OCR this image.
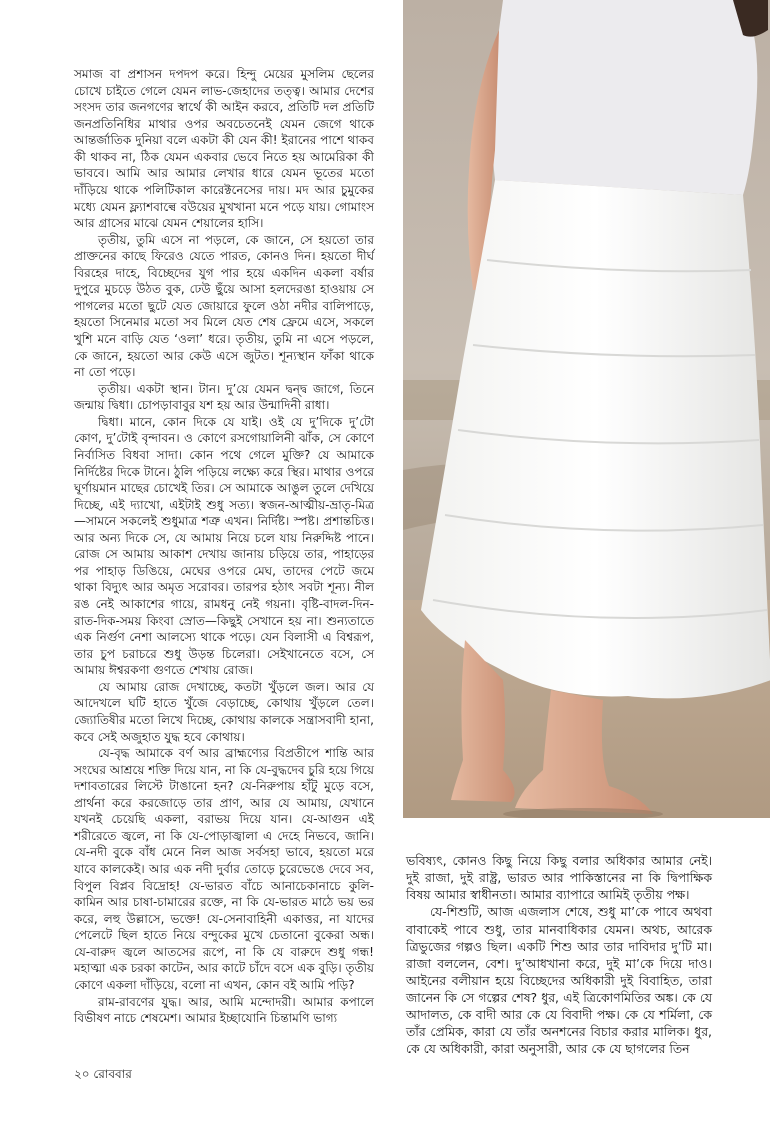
সমাজ বা প্রশাসন দপদপ করে। হিন্দু মেয়ের মুসলিম ছেলের চোখে চাইতে গেলে যেমন লাভ-জেহাদের তত্ত্ব। আমার দেশের সংসদ তার জনগণের স্বার্থে কী আইন করবে, প্রতিটি দল প্রতিটি জনপ্রতিনিধির মাথার ওপর অবচেতনেই যেমন জেগে থাকে আন্তর্জাতিক দুনিয়া বলে একটা কী যেন কী! ইরানের পাশে থাকব কী থাকব না, ঠিক যেমন একবার ভেবে নিতে হয় আমেরিকা কী ভাববে। আমি আর আমার লেখার ধারে যেমন ভূতের মতো দাঁড়িয়ে থাকে পলিটিকাল কারেক্টনেসের দায়। মদ আর চুমুকের মধ্যে যেমন ফ্ল্যাশবাল্বে বউয়ের মুখখানা মনে পড়ে যায়। গোমাংস আর গ্রাসের মাঝে যেমন শেয়ালের হাসি।

তৃতীয়, তুমি এসে না পড়লে, কে জানে, সে হয়তো তার প্রাক্তনের কাছে ফিরেও যেতে পারত, কোনও দিন। হয়তো দীর্ঘ বিরহের দাহে, বিচ্ছেদের যুগ পার হয়ে একদিন একলা বর্ষার দুপুরে মুচড়ে উঠত বুক, ঢেউ ছুঁয়ে আসা হলদেরঙা হাওয়ায় সে পাগলের মতো ছুটে যেত জোয়ারে ফুলে ওঠা নদীর বালিপাড়ে, হয়তো সিনেমার মতো সব মিলে যেত শেষ ফ্রেমে এসে, সকলে খুশি মনে বাড়ি যেত ‘ওলা’ ধরে। তৃতীয়, তুমি না এসে পড়লে, কে জানে, হয়তো আর কেউ এসে জুটত। শূন্যস্থান ফাঁকা থাকে না তো পড়ে।

তৃতীয়। একটা স্থান। টান। দু’য়ে যেমন দ্বন্দ্ব জাগে, তিনে জন্মায় দ্বিধা। চোপড়াবাবুর যশ হয় আর উন্মাদিনী রাধা।

দ্বিধা। মানে, কোন দিকে যে যাই। ওই যে দু’দিকে দু’টো কোণ, দু’টোই বৃন্দাবন। ও কোণে রসগোয়ালিনী ঝাঁক, সে কোণে নির্বাসিত বিধবা সাদা। কোন পথে গেলে মুক্তি? যে আমাকে নির্দিষ্টের দিকে টানে। ঠুলি পড়িয়ে লক্ষ্যে করে স্থির। মাথার ওপরে ঘূর্ণায়মান মাছের চোখেই তির। সে আমাকে আঙুল তুলে দেখিয়ে দিচ্ছে, এই দ্যাখো, এইটাই শুধু সত্য। স্বজন-আত্মীয়-ভ্রাতৃ-মিত্র—সামনে সকলেই শুধুমাত্র শত্রু এখন। নির্দিষ্ট। স্পষ্ট। প্রশান্তচিত্ত। আর অন্য দিকে সে, যে আমায় নিয়ে চলে যায় নিরুদ্দিষ্ট পানে। রোজ সে আমায় আকাশ দেখায় জানায় চড়িয়ে তার, পাহাড়ের পর পাহাড় ডিঙিয়ে, মেঘের ওপরে মেঘ, তাদের পেটে জমে থাকা বিদ্যুৎ আর অমৃত সরোবর। তারপর হঠাৎ সবটা শূন্য। নীল রঙ নেই আকাশের গায়ে, রামধনু নেই গয়না। বৃষ্টি-বাদল-দিন-রাত-দিক-সময় কিংবা স্রোত—কিছুই সেখানে হয় না। শুন্যতাতে এক নির্গুণ নেশা আলস্যে থাকে পড়ে। যেন বিলাসী এ বিশ্বরূপ, তার চুপ চরাচরে শুধু উড়ন্ত চিলেরা। সেইখানেতে বসে, সে আমায় ঈশ্বরকণা গুণতে শেখায় রোজ।

যে আমায় রোজ দেখাচ্ছে, কতটা খুঁড়লে জল। আর যে আদেখলে ঘটি হাতে খুঁজে বেড়াচ্ছে, কোথায় খুঁড়লে তেল। জ্যোতিষীর মতো লিখে দিচ্ছে, কোথায় কালকে সন্ত্রাসবাদী হানা, কবে সেই অজুহাত যুদ্ধ হবে কোথায়।

যে-বৃদ্ধ আমাকে বর্ণ আর ব্রাহ্মণ্যের বিপ্রতীপে শান্তি আর সংঘের আশ্রয়ে শক্তি দিয়ে যান, না কি যে-বুদ্ধদেব চুরি হয়ে গিয়ে দশাবতারের লিস্টে টাঙানো হন? যে-নিরুপায় হাঁটু মুড়ে বসে, প্রার্থনা করে করজোড়ে তার প্রাণ, আর যে আমায়, যেখানে যখনই চেয়েছি একলা, বরাভয় দিয়ে যান। যে-আগুন এই শরীরেতে জ্বলে, না কি যে-পোড়াজ্বালা এ দেহে নিভবে, জানি। যে-নদী বুকে বাঁধ মেনে নিল আজ সর্বসহা ভাবে, হয়তো মরে যাবে কালকেই। আর এক নদী দুর্বার তোড়ে চুরেভেঙে দেবে সব, বিপুল বিপ্লব বিদ্রোহ! যে-ভারত বাঁচে আনাচেকানাচে কুলি-কামিন আর চাষা-চামারের রক্তে, না কি যে-ভারত মাঠে ভয় ভর করে, লহু উল্লাসে, ভক্তে! যে-সেনাবাহিনী একাত্তর, না যাদের পেলেটে ছিল হাতে নিয়ে বন্দুকের মুখে চেতানো বুকেরা অন্ধ। যে-বারুদ জ্বলে আতসের রূপে, না কি যে বারুদে শুধু গন্ধ! মহাত্মা এক চরকা কাটেন, আর কাটে চাঁদে বসে এক বুড়ি। তৃতীয় কোণে একলা দাঁড়িয়ে, বলো না এখন, কোন বই আমি পড়ি?

রাম-রাবণের যুদ্ধ। আর, আমি মন্দোদরী। আমার কপালে বিভীষণ নাচে শেষমেশ। আমার ইচ্ছাযোনি চিন্তামণি ভাগ্য

ভবিষ্যৎ, কোনও কিছু নিয়ে কিছু বলার অধিকার আমার নেই। দুই রাজা, দুই রাষ্ট্র, ভারত আর পাকিস্তানের না কি দ্বিপাক্ষিক বিষয় আমার স্বাধীনতা। আমার ব্যাপারে আমিই তৃতীয় পক্ষ।

যে-শিশুটি, আজ এজলাস শেষে, শুধু মা’কে পাবে অথবা বাবাকেই পাবে শুধু, তার মানবাধিকার যেমন। অথচ, আরেক ত্রিভুজের গল্পও ছিল। একটি শিশু আর তার দাবিদার দু’টি মা। রাজা বললেন, বেশ। দু’আধখানা করে, দুই মা’কে দিয়ে দাও। আইনের বলীয়ান হয়ে বিচ্ছেদের অধিকারী দুই বিবাহিত, তারা জানেন কি সে গল্পের শেষ? ধুর, এই ত্রিকোণমিতির অঙ্ক। কে যে আদালত, কে বাদী আর কে যে বিবাদী পক্ষ। কে যে শর্মিলা, কে তাঁর প্রেমিক, কারা যে তাঁর অনশনের বিচার করার মালিক। ধুর, কে যে অধিকারী, কারা অনুসারী, আর কে যে ছাগলের তিন

২০ রোববার
